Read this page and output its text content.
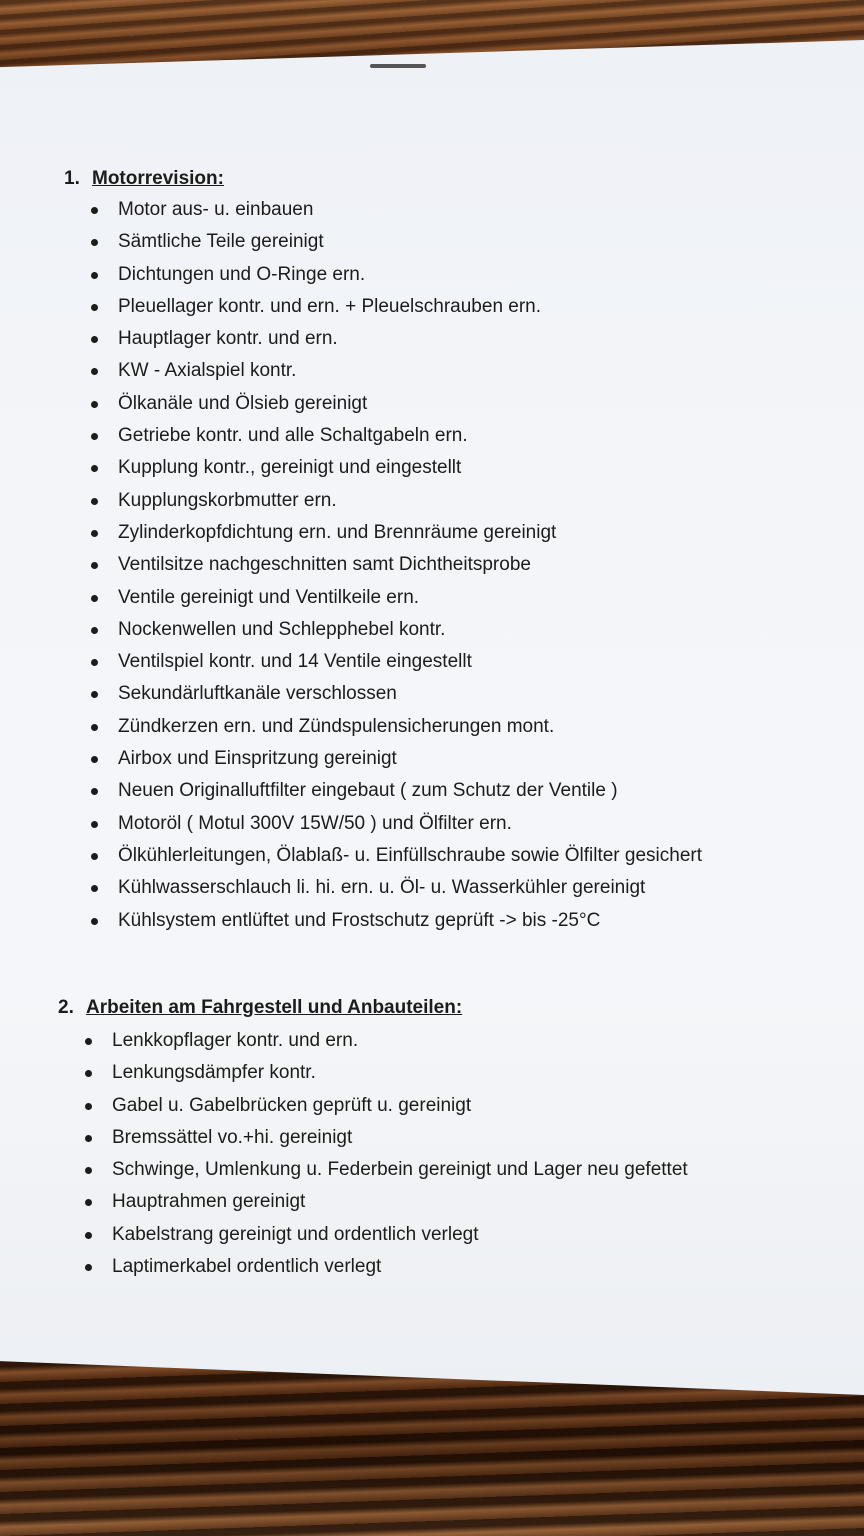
1. Motorrevision:
Motor aus- u. einbauen
Sämtliche Teile gereinigt
Dichtungen und O-Ringe ern.
Pleuellager kontr. und ern. + Pleuelschrauben ern.
Hauptlager kontr. und ern.
KW - Axialspiel kontr.
Ölkanäle und Ölsieb gereinigt
Getriebe kontr. und alle Schaltgabeln ern.
Kupplung kontr., gereinigt und eingestellt
Kupplungskorbmutter ern.
Zylinderkopfdichtung ern. und Brennräume gereinigt
Ventilsitze nachgeschnitten samt Dichtheitsprobe
Ventile gereinigt und Ventilkeile ern.
Nockenwellen und Schlepphebel kontr.
Ventilspiel kontr. und 14 Ventile eingestellt
Sekundärluftkanäle verschlossen
Zündkerzen ern. und Zündspulensicherungen mont.
Airbox und Einspritzung gereinigt
Neuen Originalluftfilter eingebaut ( zum Schutz der Ventile )
Motoröl ( Motul 300V 15W/50 ) und Ölfilter ern.
Ölkühlerleitungen, Ölablaß- u. Einfüllschraube sowie Ölfilter gesichert
Kühlwasserschlauch li. hi. ern. u. Öl- u. Wasserkühler gereinigt
Kühlsystem entlüftet und Frostschutz geprüft -> bis -25°C
2. Arbeiten am Fahrgestell und Anbauteilen:
Lenkkopflager kontr. und ern.
Lenkungsdämpfer kontr.
Gabel u. Gabelbrücken geprüft u. gereinigt
Bremssättel vo.+hi. gereinigt
Schwinge, Umlenkung u. Federbein gereinigt und Lager neu gefettet
Hauptrahmen gereinigt
Kabelstrang gereinigt und ordentlich verlegt
Laptimerkabel ordentlich verlegt
